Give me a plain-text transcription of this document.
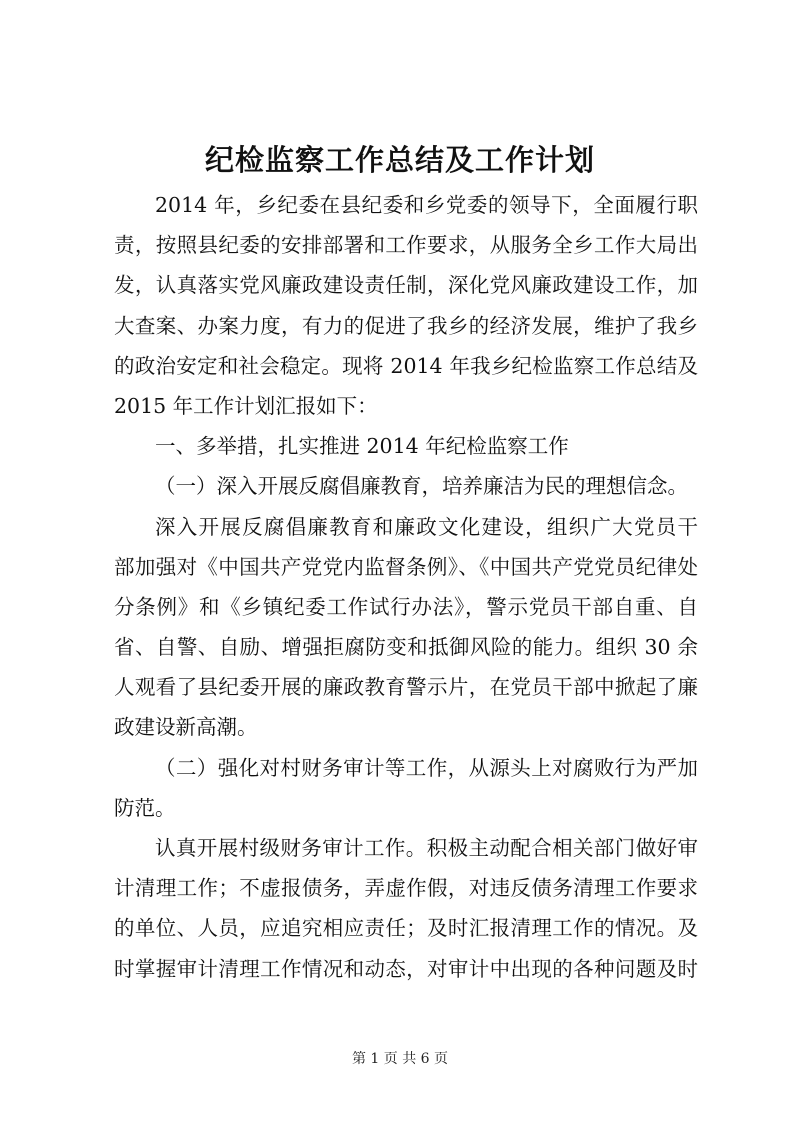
纪检监察工作总结及工作计划
2014 年，乡纪委在县纪委和乡党委的领导下，全面履行职
责，按照县纪委的安排部署和工作要求，从服务全乡工作大局出
发，认真落实党风廉政建设责任制，深化党风廉政建设工作，加
大查案、办案力度，有力的促进了我乡的经济发展，维护了我乡
的政治安定和社会稳定。现将 2014 年我乡纪检监察工作总结及
2015 年工作计划汇报如下：
一、多举措，扎实推进 2014 年纪检监察工作
（一）深入开展反腐倡廉教育，培养廉洁为民的理想信念。
深入开展反腐倡廉教育和廉政文化建设，组织广大党员干
部加强对《中国共产党党内监督条例》、《中国共产党党员纪律处
分条例》和《乡镇纪委工作试行办法》，警示党员干部自重、自
省、自警、自励、增强拒腐防变和抵御风险的能力。组织 30 余
人观看了县纪委开展的廉政教育警示片，在党员干部中掀起了廉
政建设新高潮。
（二）强化对村财务审计等工作，从源头上对腐败行为严加
防范。
认真开展村级财务审计工作。积极主动配合相关部门做好审
计清理工作；不虚报债务，弄虚作假，对违反债务清理工作要求
的单位、人员，应追究相应责任；及时汇报清理工作的情况。及
时掌握审计清理工作情况和动态，对审计中出现的各种问题及时
第 1 页 共 6 页
